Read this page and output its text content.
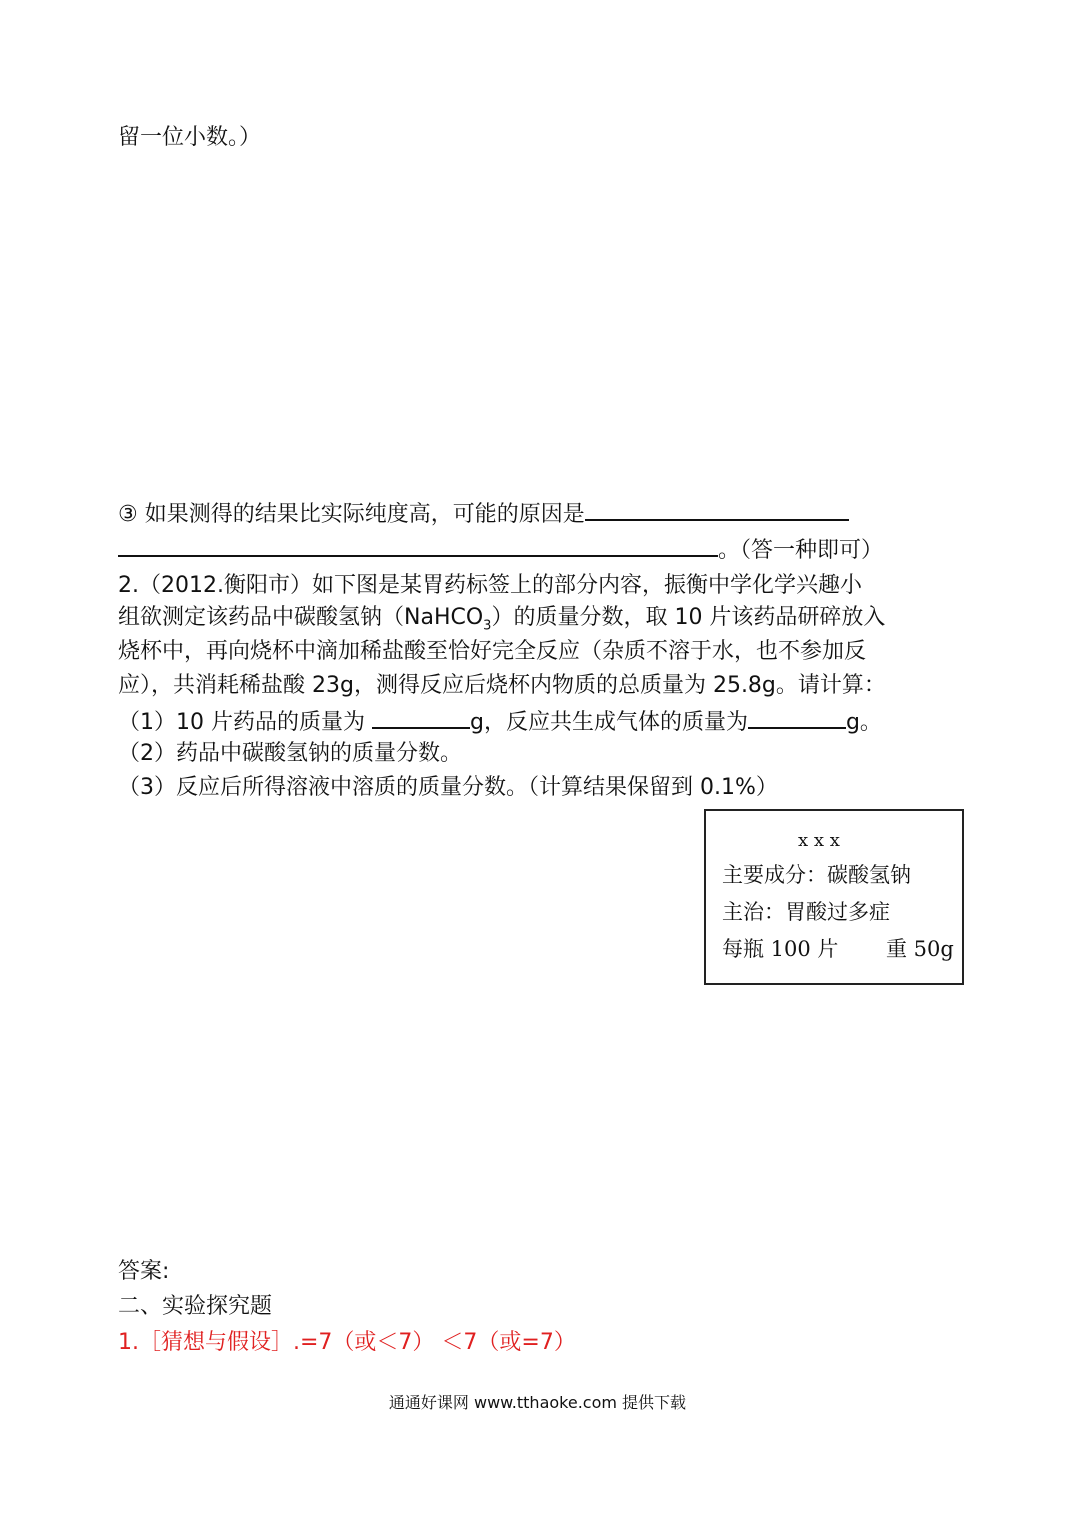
留一位小数。）
③ 如果测得的结果比实际纯度高，可能的原因是
。（答一种即可）
2.（2012.衡阳市）如下图是某胃药标签上的部分内容，振衡中学化学兴趣小
组欲测定该药品中碳酸氢钠（NaHCO$_3$）的质量分数，取 10 片该药品研碎放入
烧杯中，再向烧杯中滴加稀盐酸至恰好完全反应（杂质不溶于水，也不参加反
应），共消耗稀盐酸 23g，测得反应后烧杯内物质的总质量为 25.8g。请计算：
（1）10 片药品的质量为	g，反应共生成气体的质量为	g。
（2）药品中碳酸氢钠的质量分数。
（3）反应后所得溶液中溶质的质量分数。（计算结果保留到 0.1%）
x x x
主要成分：碳酸氢钠
主治：胃酸过多症
每瓶 100 片 重 50g
答案:
二、实验探究题
1.［猜想与假设］.=7（或＜7） ＜7（或=7）
通通好课网 www.tthaoke.com 提供下载
